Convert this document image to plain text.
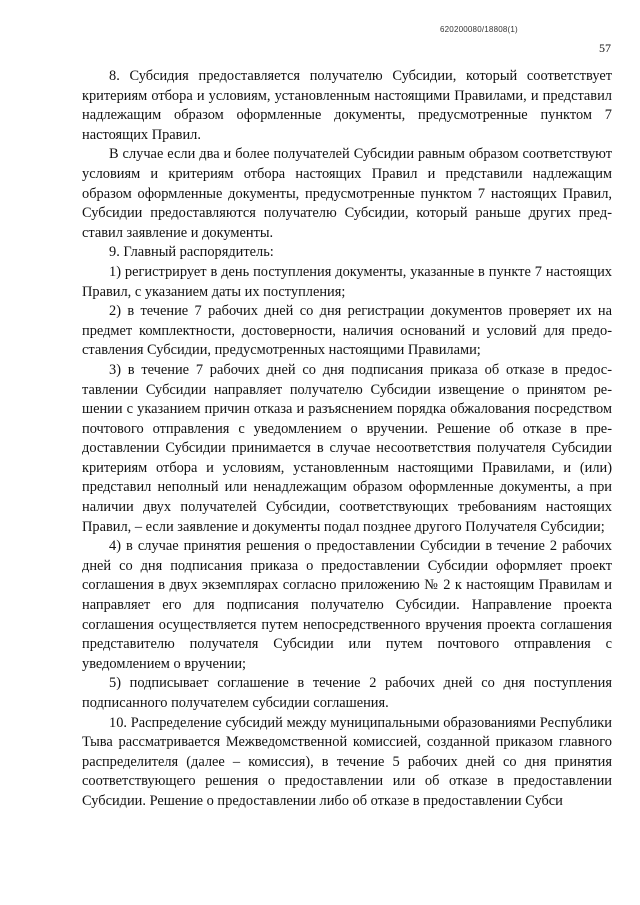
620200080/18808(1)
57

8. Субсидия предоставляется получателю Субсидии, который соответствует критериям отбора и условиям, установленным настоящими Правилами, и представил надлежащим образом оформленные документы, предусмотренные пунктом 7 настоящих Правил.

В случае если два и более получателей Субсидии равным образом соответствуют условиям и критериям отбора настоящих Правил и представили надлежащим образом оформленные документы, предусмотренные пунктом 7 настоящих Правил, Субсидии предоставляются получателю Субсидии, который раньше других представил заявление и документы.

9. Главный распорядитель:

1) регистрирует в день поступления документы, указанные в пункте 7 настоящих Правил, с указанием даты их поступления;

2) в течение 7 рабочих дней со дня регистрации документов проверяет их на предмет комплектности, достоверности, наличия оснований и условий для предоставления Субсидии, предусмотренных настоящими Правилами;

3) в течение 7 рабочих дней со дня подписания приказа об отказе в предоставлении Субсидии направляет получателю Субсидии извещение о принятом решении с указанием причин отказа и разъяснением порядка обжалования посредством почтового отправления с уведомлением о вручении. Решение об отказе в предоставлении Субсидии принимается в случае несоответствия получателя Субсидии критериям отбора и условиям, установленным настоящими Правилами, и (или) представил неполный или ненадлежащим образом оформленные документы, а при наличии двух получателей Субсидии, соответствующих требованиям настоящих Правил, – если заявление и документы подал позднее другого Получателя Субсидии;

4) в случае принятия решения о предоставлении Субсидии в течение 2 рабочих дней со дня подписания приказа о предоставлении Субсидии оформляет проект соглашения в двух экземплярах согласно приложению № 2 к настоящим Правилам и направляет его для подписания получателю Субсидии. Направление проекта соглашения осуществляется путем непосредственного вручения проекта соглашения представителю получателя Субсидии или путем почтового отправления с уведомлением о вручении;

5) подписывает соглашение в течение 2 рабочих дней со дня поступления подписанного получателем субсидии соглашения.

10. Распределение субсидий между муниципальными образованиями Республики Тыва рассматривается Межведомственной комиссией, созданной приказом главного распределителя (далее – комиссия), в течение 5 рабочих дней со дня принятия соответствующего решения о предоставлении или об отказе в предоставлении Субсидии. Решение о предоставлении либо об отказе в предоставлении Субси
